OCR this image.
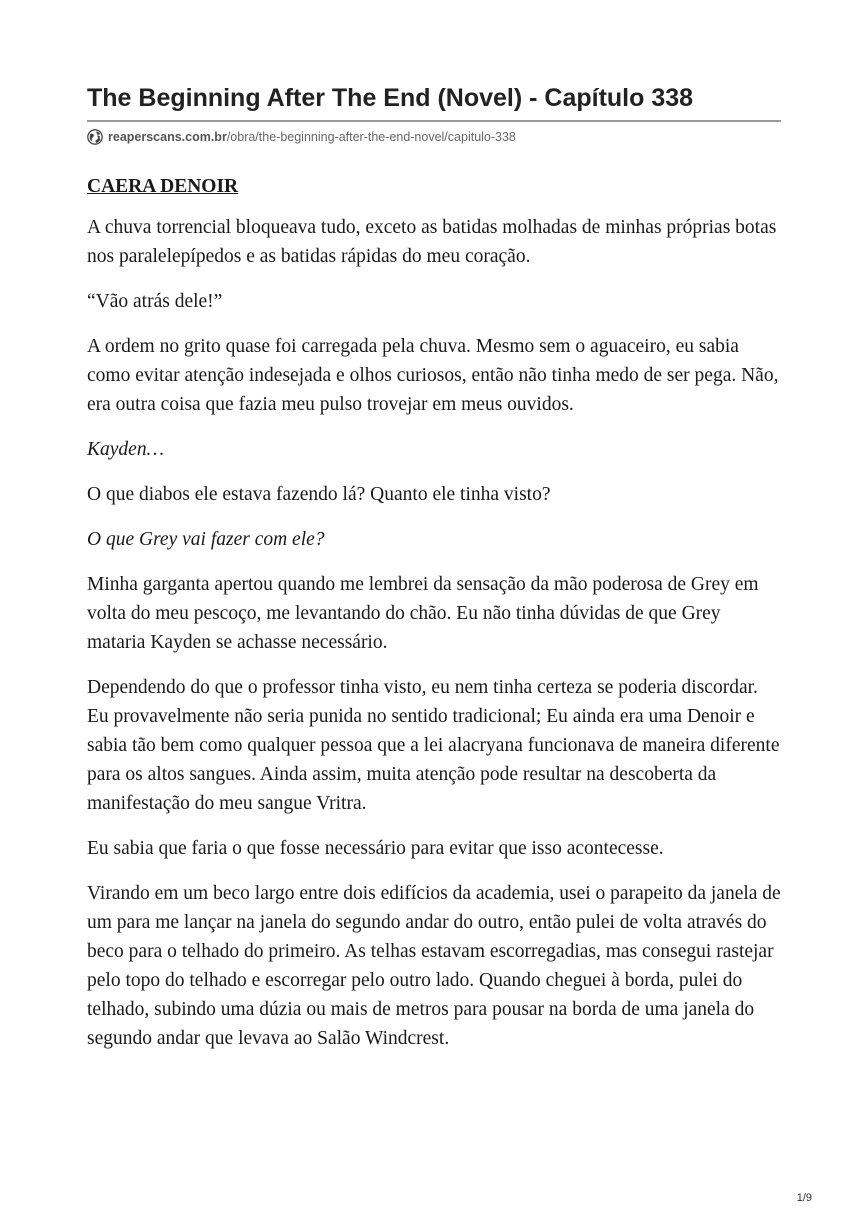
The Beginning After The End (Novel) - Capítulo 338
reaperscans.com.br /obra/the-beginning-after-the-end-novel/capitulo-338

CAERA DENOIR

A chuva torrencial bloqueava tudo, exceto as batidas molhadas de minhas próprias botas nos paralelepípedos e as batidas rápidas do meu coração.

“Vão atrás dele!”

A ordem no grito quase foi carregada pela chuva. Mesmo sem o aguaceiro, eu sabia como evitar atenção indesejada e olhos curiosos, então não tinha medo de ser pega. Não, era outra coisa que fazia meu pulso trovejar em meus ouvidos.

Kayden…

O que diabos ele estava fazendo lá? Quanto ele tinha visto?

O que Grey vai fazer com ele?

Minha garganta apertou quando me lembrei da sensação da mão poderosa de Grey em volta do meu pescoço, me levantando do chão. Eu não tinha dúvidas de que Grey mataria Kayden se achasse necessário.

Dependendo do que o professor tinha visto, eu nem tinha certeza se poderia discordar. Eu provavelmente não seria punida no sentido tradicional; Eu ainda era uma Denoir e sabia tão bem como qualquer pessoa que a lei alacryana funcionava de maneira diferente para os altos sangues. Ainda assim, muita atenção pode resultar na descoberta da manifestação do meu sangue Vritra.

Eu sabia que faria o que fosse necessário para evitar que isso acontecesse.

Virando em um beco largo entre dois edifícios da academia, usei o parapeito da janela de um para me lançar na janela do segundo andar do outro, então pulei de volta através do beco para o telhado do primeiro. As telhas estavam escorregadias, mas consegui rastejar pelo topo do telhado e escorregar pelo outro lado. Quando cheguei à borda, pulei do telhado, subindo uma dúzia ou mais de metros para pousar na borda de uma janela do segundo andar que levava ao Salão Windcrest.

1/9
